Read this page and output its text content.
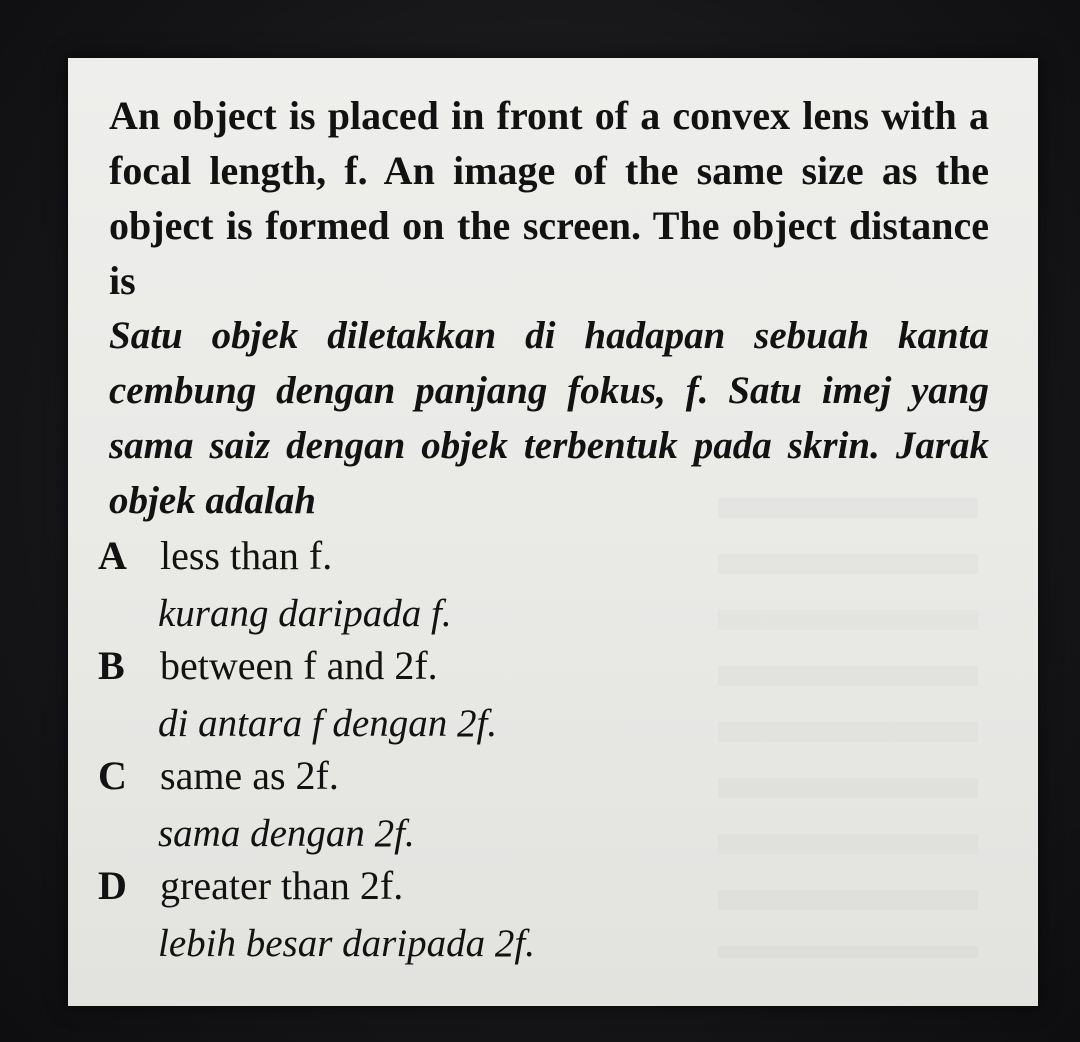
An object is placed in front of a convex lens with a focal length, f. An image of the same size as the object is formed on the screen. The object distance is

Satu objek diletakkan di hadapan sebuah kanta cembung dengan panjang fokus, f. Satu imej yang sama saiz dengan objek terbentuk pada skrin. Jarak objek adalah

A less than f.
kurang daripada f.
B between f and 2f.
di antara f dengan 2f.
C same as 2f.
sama dengan 2f.
D greater than 2f.
lebih besar daripada 2f.
